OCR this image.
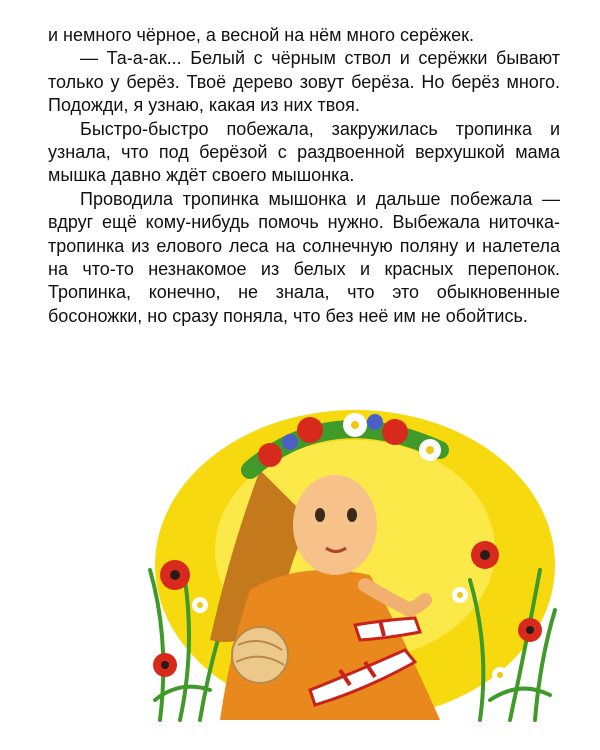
и немного чёрное, а весной на нём много серёжек.

— Та-а-ак... Белый с чёрным ствол и серёжки бывают только у берёз. Твоё дерево зовут берёза. Но берёз много. Подожди, я узнаю, какая из них твоя.

Быстро-быстро побежала, закружилась тропинка и узнала, что под берёзой с раздвоенной верхушкой мама мышка давно ждёт своего мышонка.

Проводила тропинка мышонка и дальше побежала — вдруг ещё кому-нибудь помочь нужно. Выбежала ниточка-тропинка из елового леса на солнечную поляну и налетела на что-то незнакомое из белых и красных перепонок. Тропинка, конечно, не знала, что это обыкновенные босоножки, но сразу поняла, что без неё им не обойтись.
